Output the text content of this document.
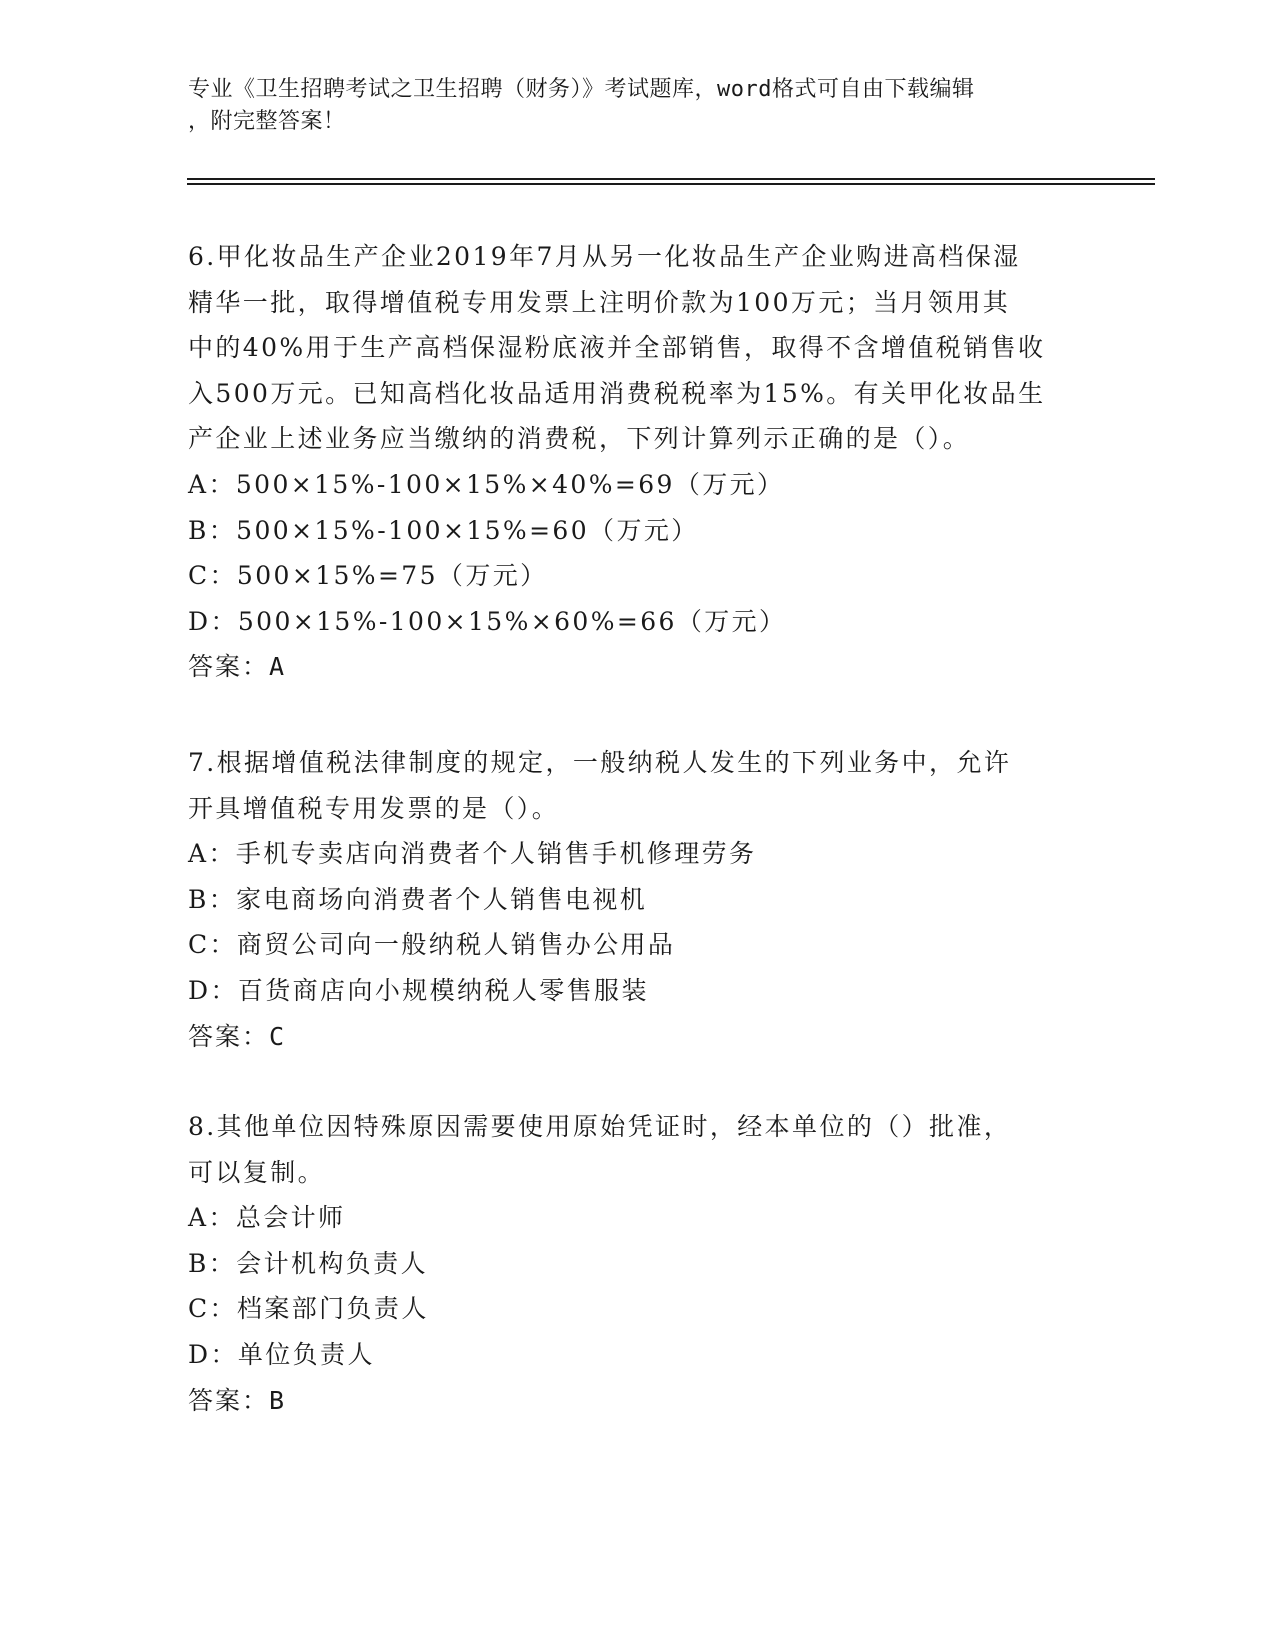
专业《卫生招聘考试之卫生招聘（财务）》考试题库，word格式可自由下载编辑
，附完整答案！
6.甲化妆品生产企业2019年7月从另一化妆品生产企业购进高档保湿
精华一批，取得增值税专用发票上注明价款为100万元；当月领用其
中的40%用于生产高档保湿粉底液并全部销售，取得不含增值税销售收
入500万元。已知高档化妆品适用消费税税率为15%。有关甲化妆品生
产企业上述业务应当缴纳的消费税，下列计算列示正确的是（）。
A：500×15%-100×15%×40%=69（万元）
B：500×15%-100×15%=60（万元）
C：500×15%=75（万元）
D：500×15%-100×15%×60%=66（万元）
答案：A
7.根据增值税法律制度的规定，一般纳税人发生的下列业务中，允许
开具增值税专用发票的是（）。
A：手机专卖店向消费者个人销售手机修理劳务
B：家电商场向消费者个人销售电视机
C：商贸公司向一般纳税人销售办公用品
D：百货商店向小规模纳税人零售服装
答案：C
8.其他单位因特殊原因需要使用原始凭证时，经本单位的（）批准，
可以复制。
A：总会计师
B：会计机构负责人
C：档案部门负责人
D：单位负责人
答案：B
